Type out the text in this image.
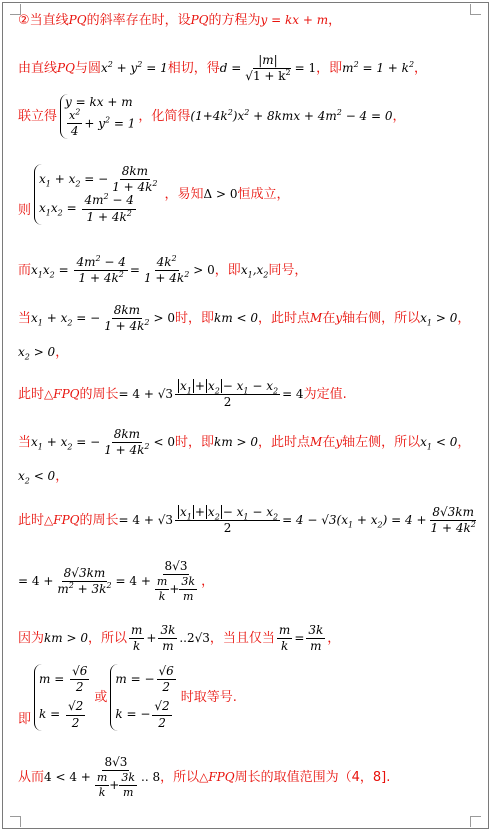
②当直线PQ的斜率存在时，设PQ的方程为y = kx + m，
由直线PQ与圆$x^2 + y^2 = 1$相切，得$d = \frac{|m|}{√1 + k^2} = 1$，即$m^2 = 1 + k^2$，
联立得
y = kx + m
$\frac{x^2}{4} + y^2 = 1$ ，化简得$(1+4k^2)x^2 + 8kmx + 4m^2 - 4 = 0$，
则
$x_1 + x_2$ = − $\frac{8km}{1 + 4k^2}$
$x_1x_2 = \frac{4m^2 - 4}{1 + 4k^2}$ ，易知Δ > 0恒成立，
而$x_1x_2 = \frac{4m^2 - 4}{1 + 4k^2} = \frac{4k^2}{1 + 4k^2} > 0$，即$x_1,x_2$同号，
当$x_1 + x_2$ = − $\frac{8km}{1 + 4k^2} > 0$时，即km < 0，此时点M在y轴右侧，所以$x_1 > 0$，
$x_2 > 0$，
此时△FPQ的周长= $4 + √3 \frac{x_1 + x_2 - x_1 - x_2}{2} = 4$为定值.
当$x_1 + x_2$ = − $\frac{8km}{1 + 4k^2} < 0$时，即km > 0，此时点M在y轴左侧，所以$x_1 < 0$，
$x_2 < 0$，
此时△FPQ的周长= $4 + √3 \frac{x_1 + x_2 - x_1 - x_2}{2} = 4 - √3(x_1 + x_2) = 4 + \frac{8√3km}{1 + 4k^2}$
= $4 + \frac{8√3km}{m^2 + 3k^2} = 4 + \frac{8√3}{\frac{m}{k} + \frac{3k}{m}}$ ，
因为km > 0，所以 $\frac{m}{k} + \frac{3k}{m} ..2√3$，当且仅当 $\frac{m}{k} = \frac{3k}{m}$ ，
即
$m = \frac{√6}{2}$
$k = \frac{√2}{2}$
或
m = − $\frac{√6}{2}$
k = − $\frac{√2}{2}$
时取等号.
从而$4 < 4 + \frac{8√3}{\frac{m}{k} + \frac{3k}{m}}$ .. 8，所以△FPQ周长的取值范围为（4，8].
